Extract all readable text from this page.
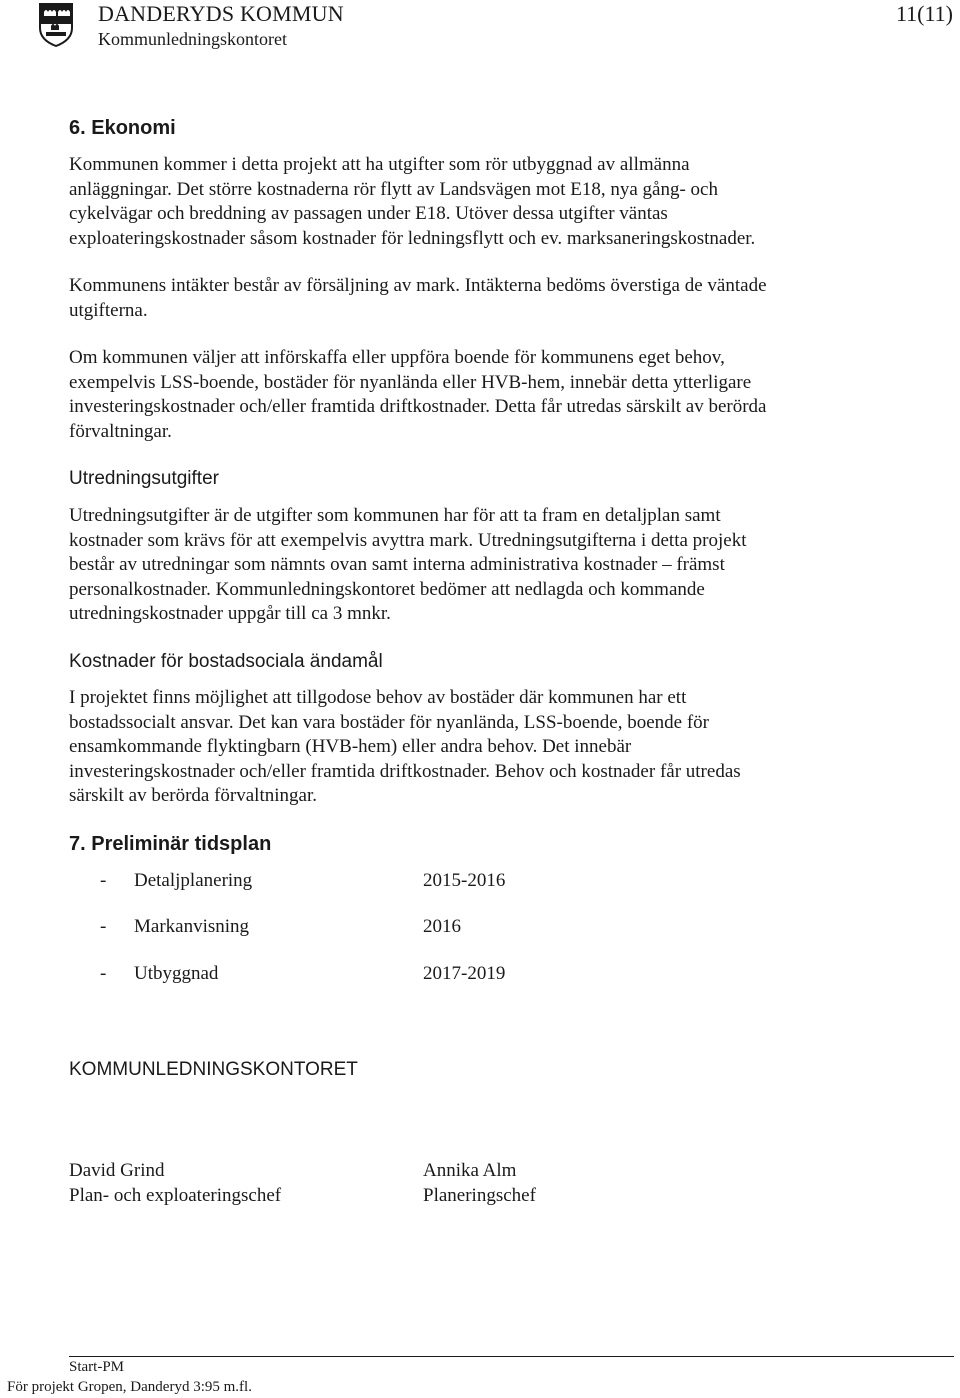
DANDERYDS KOMMUN
Kommunledningskontoret
11(11)
6. Ekonomi

Kommunen kommer i detta projekt att ha utgifter som rör utbyggnad av allmänna
anläggningar. Det större kostnaderna rör flytt av Landsvägen mot E18, nya gång- och
cykelvägar och breddning av passagen under E18. Utöver dessa utgifter väntas
exploateringskostnader såsom kostnader för ledningsflytt och ev. marksaneringskostnader.

Kommunens intäkter består av försäljning av mark. Intäkterna bedöms överstiga de väntade
utgifterna.

Om kommunen väljer att införskaffa eller uppföra boende för kommunens eget behov,
exempelvis LSS-boende, bostäder för nyanlända eller HVB-hem, innebär detta ytterligare
investeringskostnader och/eller framtida driftkostnader. Detta får utredas särskilt av berörda
förvaltningar.

Utredningsutgifter

Utredningsutgifter är de utgifter som kommunen har för att ta fram en detaljplan samt
kostnader som krävs för att exempelvis avyttra mark. Utredningsutgifterna i detta projekt
består av utredningar som nämnts ovan samt interna administrativa kostnader – främst
personalkostnader. Kommunledningskontoret bedömer att nedlagda och kommande
utredningskostnader uppgår till ca 3 mnkr.

Kostnader för bostadsociala ändamål

I projektet finns möjlighet att tillgodose behov av bostäder där kommunen har ett
bostadssocialt ansvar. Det kan vara bostäder för nyanlända, LSS-boende, boende för
ensamkommande flyktingbarn (HVB-hem) eller andra behov. Det innebär
investeringskostnader och/eller framtida driftkostnader. Behov och kostnader får utredas
särskilt av berörda förvaltningar.

7. Preliminär tidsplan
- Detaljplanering	2015-2016
- Markanvisning	2016
- Utbyggnad	2017-2019
KOMMUNLEDNINGSKONTORET
David Grind
Plan- och exploateringschef
Annika Alm
Planeringschef
Start-PM
För projekt Gropen, Danderyd 3:95 m.fl.
